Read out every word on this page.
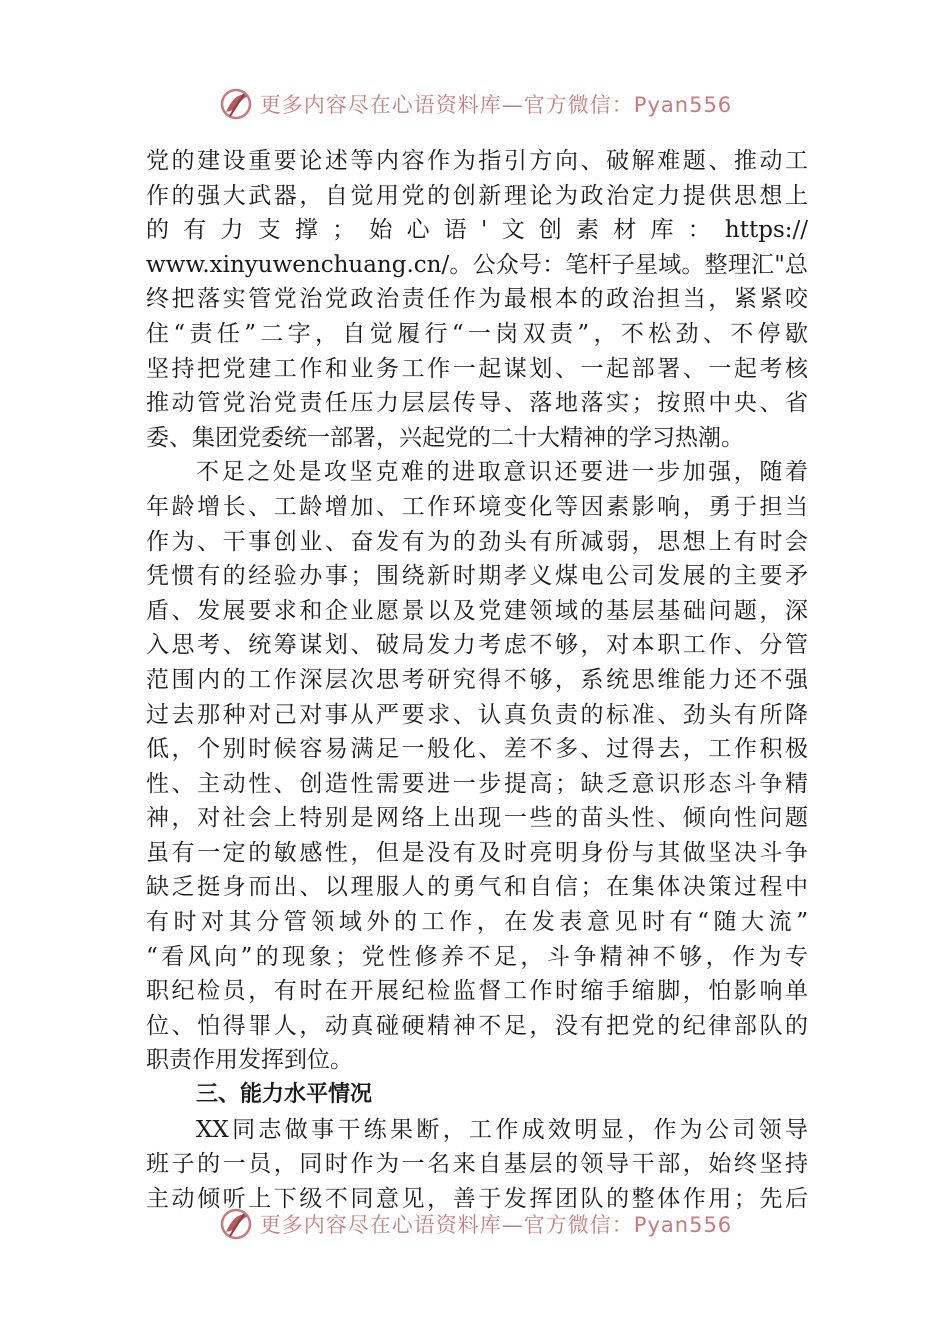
更多内容尽在心语资料库—官方微信：Pyan556
党的建设重要论述等内容作为指引方向、破解难题、推动工
作的强大武器，自觉用党的创新理论为政治定力提供思想上
的有力支撑；始心语'文创素材库：https://
www.xinyuwenchuang.cn/。公众号：笔杆子星域。整理汇"总
终把落实管党治党政治责任作为最根本的政治担当，紧紧咬
住“责任”二字，自觉履行“一岗双责”，不松劲、不停歇
坚持把党建工作和业务工作一起谋划、一起部署、一起考核
推动管党治党责任压力层层传导、落地落实；按照中央、省
委、集团党委统一部署，兴起党的二十大精神的学习热潮。
不足之处是攻坚克难的进取意识还要进一步加强，随着
年龄增长、工龄增加、工作环境变化等因素影响，勇于担当
作为、干事创业、奋发有为的劲头有所减弱，思想上有时会
凭惯有的经验办事；围绕新时期孝义煤电公司发展的主要矛
盾、发展要求和企业愿景以及党建领域的基层基础问题，深
入思考、统筹谋划、破局发力考虑不够，对本职工作、分管
范围内的工作深层次思考研究得不够，系统思维能力还不强
过去那种对己对事从严要求、认真负责的标准、劲头有所降
低，个别时候容易满足一般化、差不多、过得去，工作积极
性、主动性、创造性需要进一步提高；缺乏意识形态斗争精
神，对社会上特别是网络上出现一些的苗头性、倾向性问题
虽有一定的敏感性，但是没有及时亮明身份与其做坚决斗争
缺乏挺身而出、以理服人的勇气和自信；在集体决策过程中
有时对其分管领域外的工作，在发表意见时有“随大流”
“看风向”的现象；党性修养不足，斗争精神不够，作为专
职纪检员，有时在开展纪检监督工作时缩手缩脚，怕影响单
位、怕得罪人，动真碰硬精神不足，没有把党的纪律部队的
职责作用发挥到位。
三、能力水平情况
XX同志做事干练果断，工作成效明显，作为公司领导
班子的一员，同时作为一名来自基层的领导干部，始终坚持
主动倾听上下级不同意见，善于发挥团队的整体作用；先后
更多内容尽在心语资料库—官方微信：Pyan556
